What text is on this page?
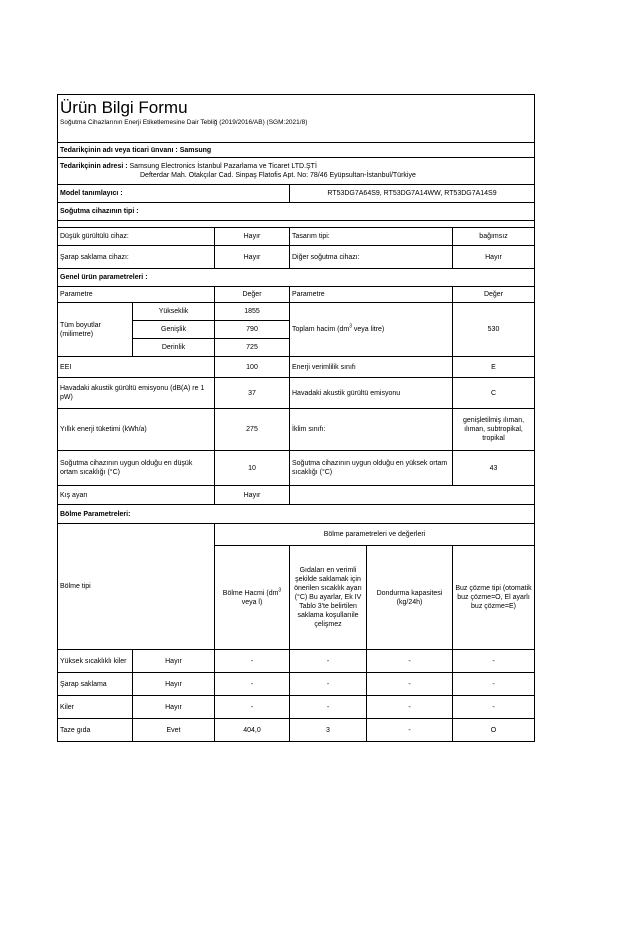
Ürün Bilgi Formu
Soğutma Cihazlarının Enerji Etiketlemesine Dair Tebliğ (2019/2016/AB) (SGM:2021/8)					

Tedarikçinin adı veya ticari ünvanı : Samsung					

Tedarikçinin adresi : Samsung Electronics İstanbul Pazarlama ve Ticaret LTD.ŞTİ
Defterdar Mah. Otakçılar Cad. Sinpaş Flatofis Apt. No: 78/46 Eyüpsultan-İstanbul/Türkiye					

Model tanımlayıcı :			RT53DG7A64S9, RT53DG7A14WW, RT53DG7A14S9		
Soğutma cihazının tipi :					

Düşük gürültülü cihaz:		Hayır	Tasarım tipi:		bağımsız
Şarap saklama cihazı:		Hayır	Diğer soğutma cihazı:		Hayır
Genel ürün parametreleri :					
Parametre		Değer	Parametre		Değer
Tüm boyutlar (milimetre)	Yükseklik	1855	Toplam hacim ($dm^3$ veya litre)		530
	Genişlik	790			
	Derinlik	725			
EEI		100	Enerji verimlilik sınıfı		E
Havadaki akustik gürültü emisyonu (dB(A) re 1 pW)		37	Havadaki akustik gürültü emisyonu		C
Yıllık enerji tüketimi (kWh/a)		275	İklim sınıfı:		genişletilmiş ılıman, ılıman, subtropikal, tropikal
Soğutma cihazının uygun olduğu en düşük ortam sıcaklığı (°C)		10	Soğutma cihazının uygun olduğu en yüksek ortam sıcaklığı (°C)		43
Kış ayarı		Hayır			
Bölme Parametreleri:					
Bölme tipi		Bölme parametreleri ve değerleri			
		Bölme Hacmi ($dm^3$ veya l)	Gıdaları en verimli şekilde saklamak için önerilen sıcaklık ayarı (°C) Bu ayarlar, Ek IV Tablo 3'te belirtilen saklama koşullarıile çelişmez	Dondurma kapasitesi (kg/24h)	Buz çözme tipi (otomatik buz çözme=O, El ayarlı buz çözme=E)
Yüksek sıcaklıklı kiler	Hayır	-	-	-	-
Şarap saklama	Hayır	-	-	-	-
Kiler	Hayır	-	-	-	-
Taze gıda	Evet	404,0	3	-	O
